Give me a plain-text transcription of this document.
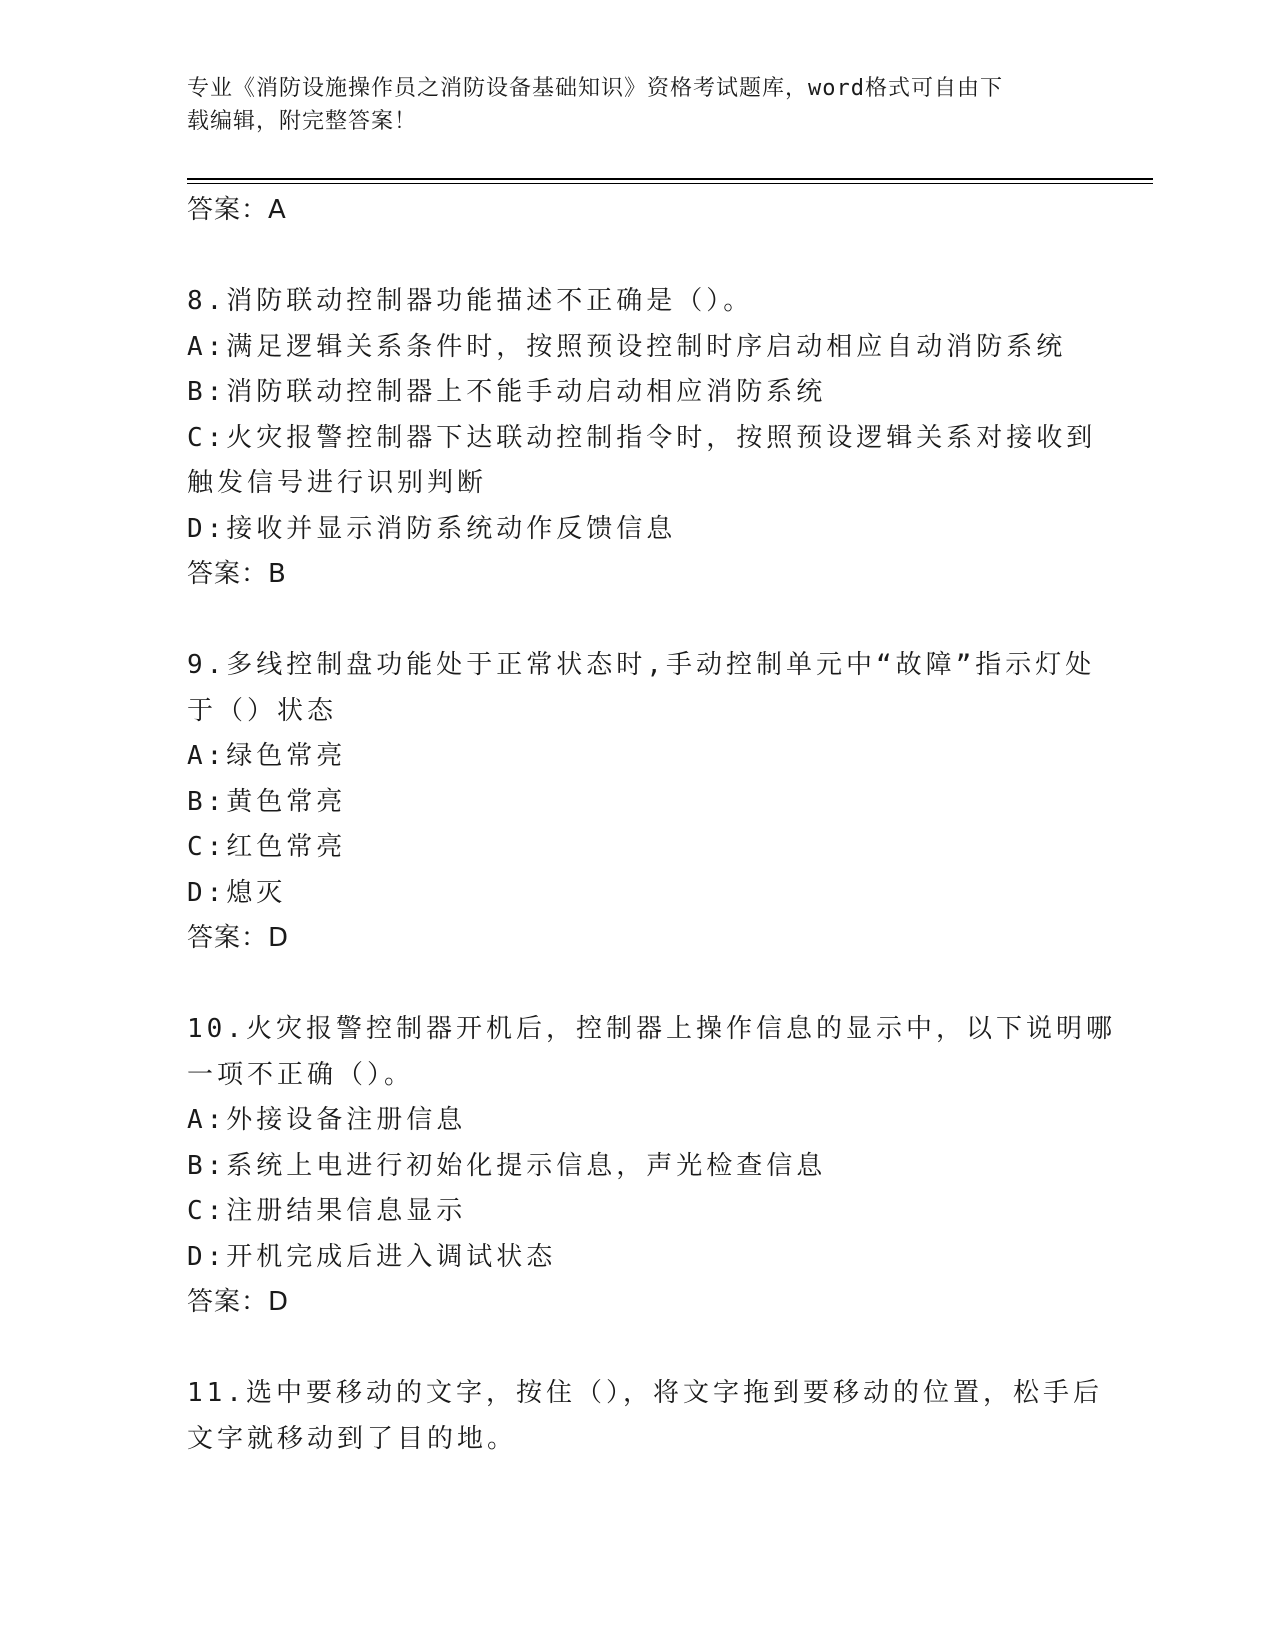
专业《消防设施操作员之消防设备基础知识》资格考试题库，word格式可自由下
载编辑，附完整答案！
答案：A
8.消防联动控制器功能描述不正确是（）。
A:满足逻辑关系条件时，按照预设控制时序启动相应自动消防系统
B:消防联动控制器上不能手动启动相应消防系统
C:火灾报警控制器下达联动控制指令时，按照预设逻辑关系对接收到
触发信号进行识别判断
D:接收并显示消防系统动作反馈信息
答案：B
9.多线控制盘功能处于正常状态时,手动控制单元中“故障”指示灯处
于（）状态
A:绿色常亮
B:黄色常亮
C:红色常亮
D:熄灭
答案：D
10.火灾报警控制器开机后，控制器上操作信息的显示中，以下说明哪
一项不正确（）。
A:外接设备注册信息
B:系统上电进行初始化提示信息，声光检查信息
C:注册结果信息显示
D:开机完成后进入调试状态
答案：D
11.选中要移动的文字，按住（），将文字拖到要移动的位置，松手后
文字就移动到了目的地。
